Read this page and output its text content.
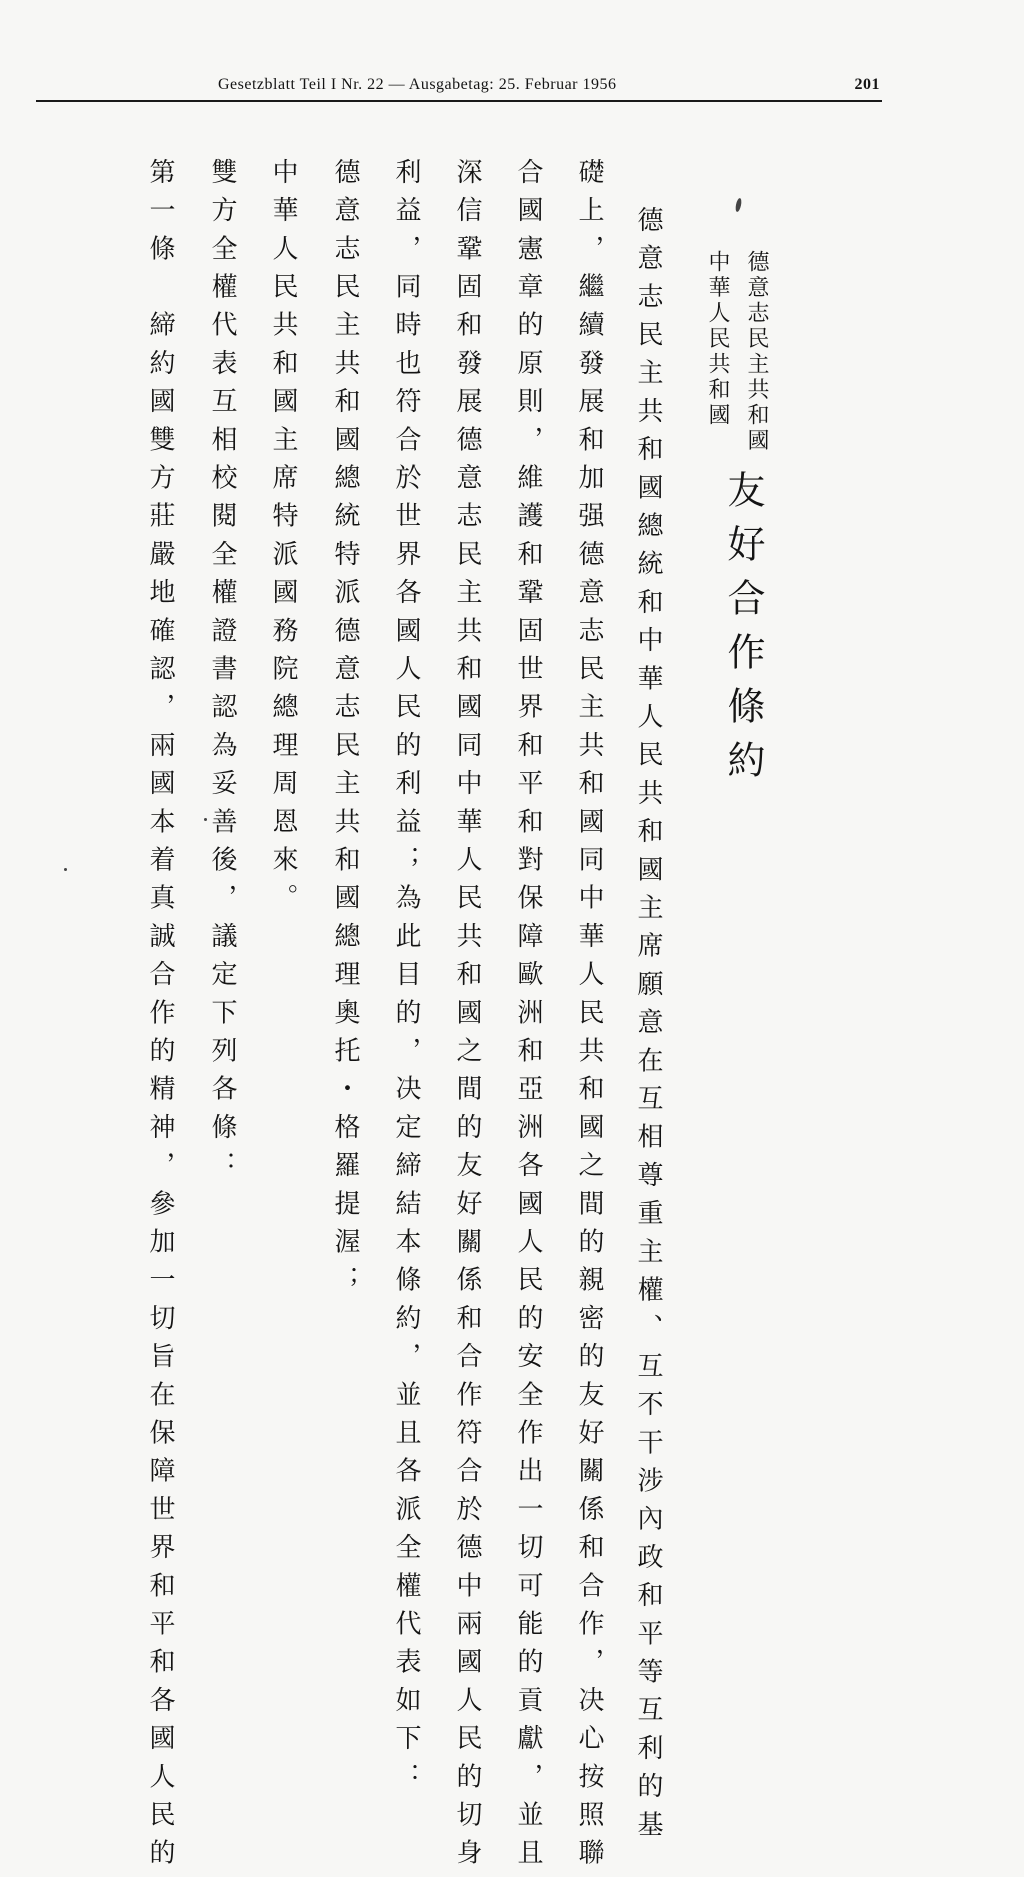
Gesetzblatt Teil I Nr. 22 — Ausgabetag: 25. Februar 1956	201
德意志民主共和國
中華人民共和國
友好合作條約
德意志民主共和國總統和中華人民共和國主席願意在互相尊重主權、互不干涉內政和平等互利的基
礎上，繼續發展和加强德意志民主共和國同中華人民共和國之間的親密的友好關係和合作，决心按照聯
合國憲章的原則，維護和鞏固世界和平和對保障歐洲和亞洲各國人民的安全作出一切可能的貢獻，並且
深信鞏固和發展德意志民主共和國同中華人民共和國之間的友好關係和合作符合於德中兩國人民的切身
利益，同時也符合於世界各國人民的利益；為此目的，决定締結本條約，並且各派全權代表如下：
德意志民主共和國總統特派德意志民主共和國總理奧托・格羅提渥；
中華人民共和國主席特派國務院總理周恩來。
雙方全權代表互相校閱全權證書認為妥善後，議定下列各條：
第一條　締約國雙方莊嚴地確認，兩國本着真誠合作的精神，參加一切旨在保障世界和平和各國人民的
